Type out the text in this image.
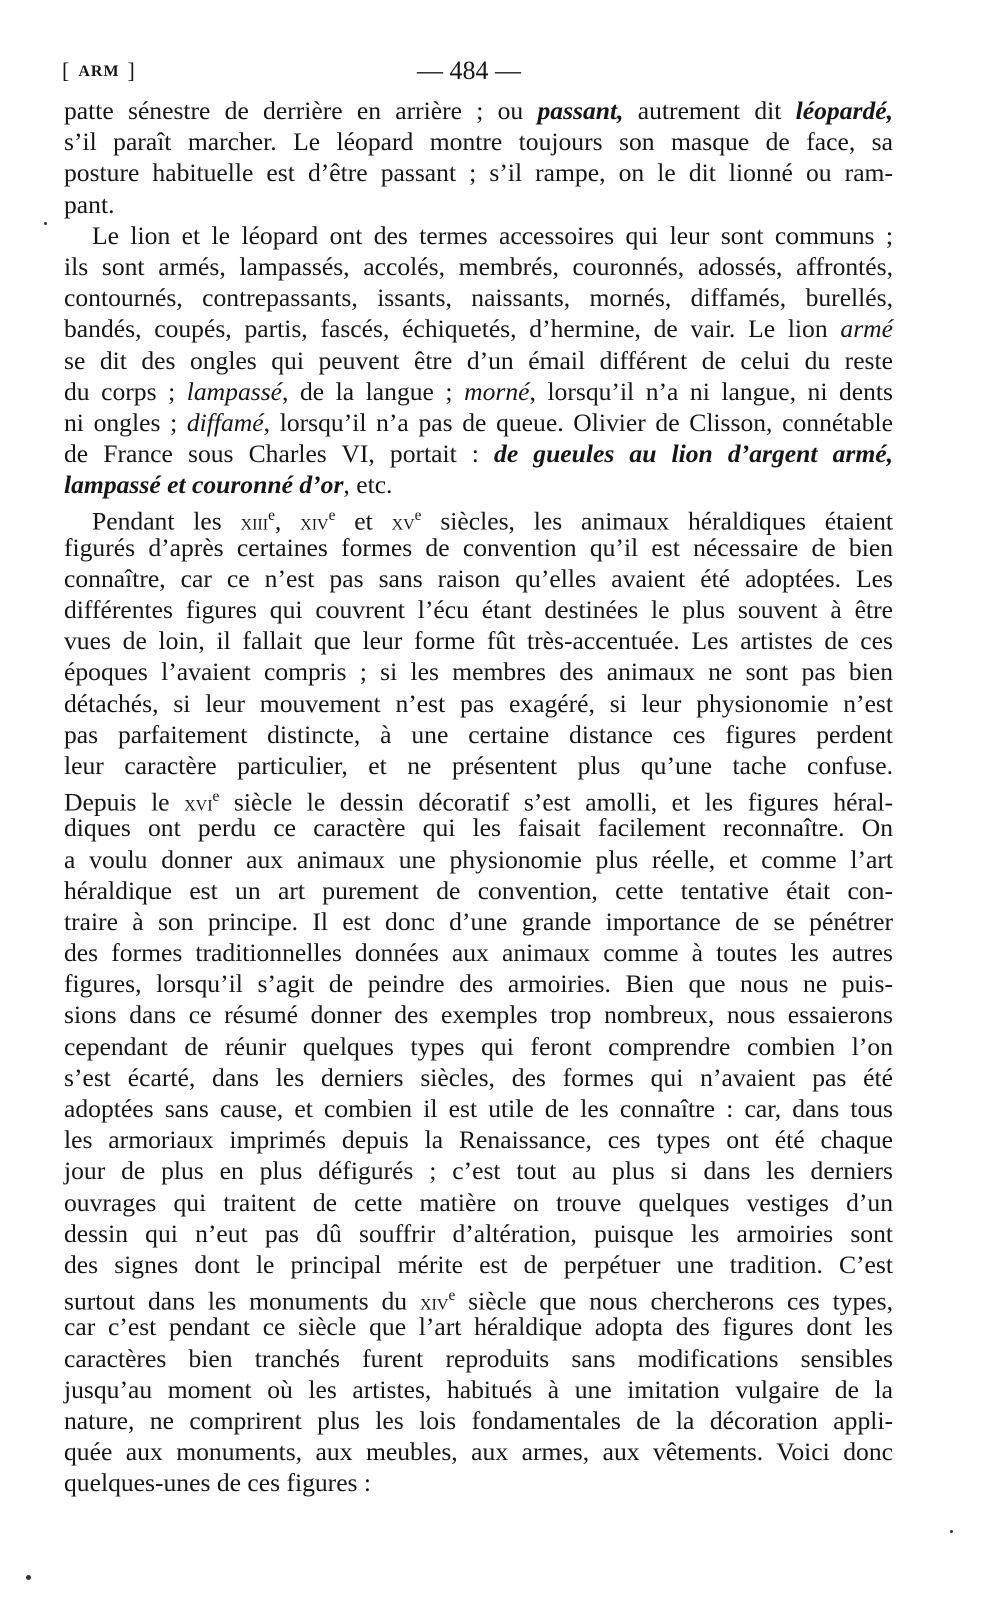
[ ARM ]	— 484 —
patte sénestre de derrière en arrière ; ou passant, autrement dit léopardé,
s’il paraît marcher. Le léopard montre toujours son masque de face, sa
posture habituelle est d’être passant ; s’il rampe, on le dit lionné ou ram-
pant.
Le lion et le léopard ont des termes accessoires qui leur sont communs ;
ils sont armés, lampassés, accolés, membrés, couronnés, adossés, affrontés,
contournés, contrepassants, issants, naissants, mornés, diffamés, burellés,
bandés, coupés, partis, fascés, échiquetés, d’hermine, de vair. Le lion armé
se dit des ongles qui peuvent être d’un émail différent de celui du reste
du corps ; lampassé, de la langue ; morné, lorsqu’il n’a ni langue, ni dents
ni ongles ; diffamé, lorsqu’il n’a pas de queue. Olivier de Clisson, connétable
de France sous Charles VI, portait : de gueules au lion d’argent armé,
lampassé et couronné d’or, etc.
Pendant les xiii$^e$, xiv$^e$ et $xv^e$ siècles, les animaux héraldiques étaient
figurés d’après certaines formes de convention qu’il est nécessaire de bien
connaître, car ce n’est pas sans raison qu’elles avaient été adoptées. Les
différentes figures qui couvrent l’écu étant destinées le plus souvent à être
vues de loin, il fallait que leur forme fût très-accentuée. Les artistes de ces
époques l’avaient compris ; si les membres des animaux ne sont pas bien
détachés, si leur mouvement n’est pas exagéré, si leur physionomie n’est
pas parfaitement distincte, à une certaine distance ces figures perdent
leur caractère particulier, et ne présentent plus qu’une tache confuse.
Depuis le xvi$^e$ siècle le dessin décoratif s’est amolli, et les figures héral-
diques ont perdu ce caractère qui les faisait facilement reconnaître. On
a voulu donner aux animaux une physionomie plus réelle, et comme l’art
héraldique est un art purement de convention, cette tentative était con-
traire à son principe. Il est donc d’une grande importance de se pénétrer
des formes traditionnelles données aux animaux comme à toutes les autres
figures, lorsqu’il s’agit de peindre des armoiries. Bien que nous ne puis-
sions dans ce résumé donner des exemples trop nombreux, nous essaierons
cependant de réunir quelques types qui feront comprendre combien l’on
s’est écarté, dans les derniers siècles, des formes qui n’avaient pas été
adoptées sans cause, et combien il est utile de les connaître : car, dans tous
les armoriaux imprimés depuis la Renaissance, ces types ont été chaque
jour de plus en plus défigurés ; c’est tout au plus si dans les derniers
ouvrages qui traitent de cette matière on trouve quelques vestiges d’un
dessin qui n’eut pas dû souffrir d’altération, puisque les armoiries sont
des signes dont le principal mérite est de perpétuer une tradition. C’est
surtout dans les monuments du xiv$^e$ siècle que nous chercherons ces types,
car c’est pendant ce siècle que l’art héraldique adopta des figures dont les
caractères bien tranchés furent reproduits sans modifications sensibles
jusqu’au moment où les artistes, habitués à une imitation vulgaire de la
nature, ne comprirent plus les lois fondamentales de la décoration appli-
quée aux monuments, aux meubles, aux armes, aux vêtements. Voici donc
quelques-unes de ces figures :
